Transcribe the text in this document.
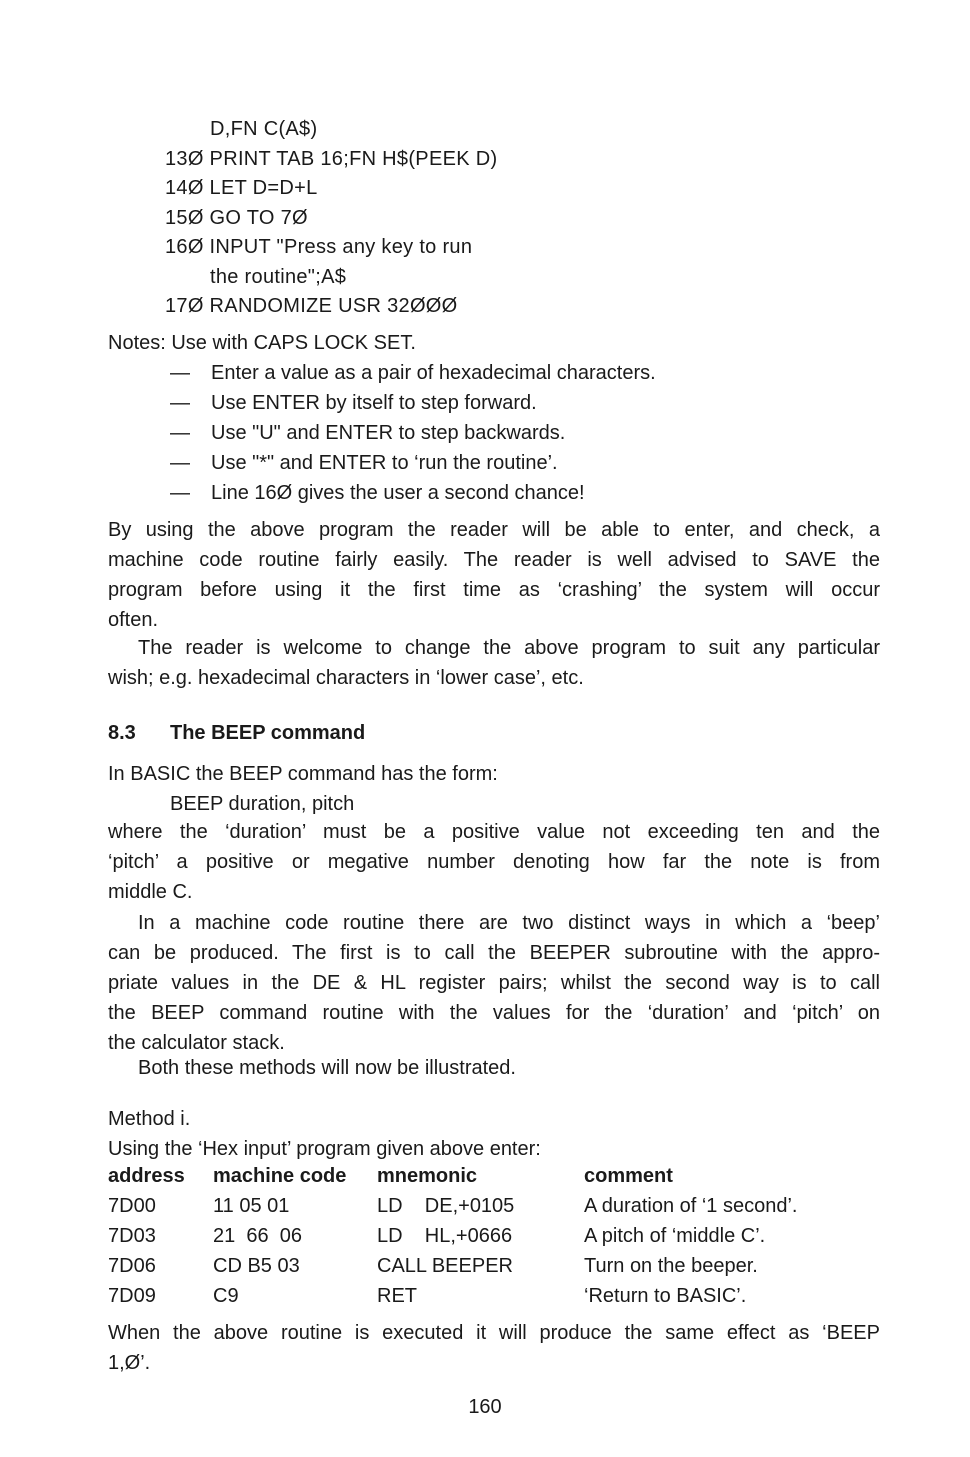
D,FN C(A$)
13Ø PRINT TAB 16;FN H$(PEEK D)
14Ø LET D=D+L
15Ø GO TO 7Ø
16Ø INPUT "Press any key to run
the routine";A$
17Ø RANDOMIZE USR 32ØØØ
Notes: Use with CAPS LOCK SET.
— Enter a value as a pair of hexadecimal characters.
— Use ENTER by itself to step forward.
— Use "U" and ENTER to step backwards.
— Use "*" and ENTER to ‘run the routine’.
— Line 16Ø gives the user a second chance!
By using the above program the reader will be able to enter, and check, a
machine code routine fairly easily. The reader is well advised to SAVE the
program before using it the first time as ‘crashing’ the system will occur
often.
The reader is welcome to change the above program to suit any particular
wish; e.g. hexadecimal characters in ‘lower case’, etc.
8.3 The BEEP command
In BASIC the BEEP command has the form:
BEEP duration, pitch
where the ‘duration’ must be a positive value not exceeding ten and the
‘pitch’ a positive or megative number denoting how far the note is from
middle C.
In a machine code routine there are two distinct ways in which a ‘beep’
can be produced. The first is to call the BEEPER subroutine with the appro-
priate values in the DE & HL register pairs; whilst the second way is to call
the BEEP command routine with the values for the ‘duration’ and ‘pitch’ on
the calculator stack.
Both these methods will now be illustrated.
Method i.
Using the ‘Hex input’ program given above enter:
address	machine code	mnemonic	comment
7D00	11 05 01	LD    DE,+0105	A duration of ‘1 second’.
7D03	21  66  06	LD    HL,+0666	A pitch of ‘middle C’.
7D06	CD B5 03	CALL BEEPER	Turn on the beeper.
7D09	C9	RET	‘Return to BASIC’.
When the above routine is executed it will produce the same effect as ‘BEEP
1,Ø’.
160
